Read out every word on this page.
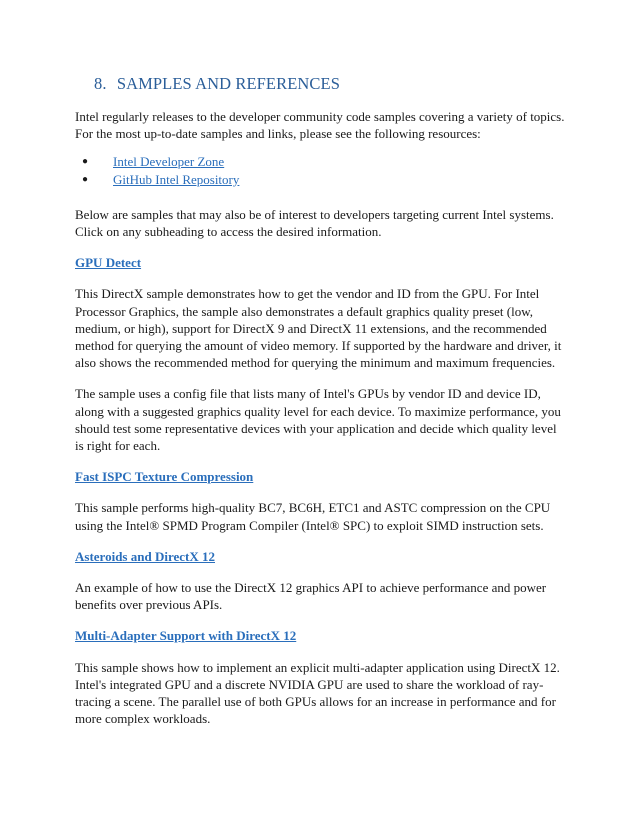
8. SAMPLES AND REFERENCES

Intel regularly releases to the developer community code samples covering a variety of topics. For the most up-to-date samples and links, please see the following resources:

● Intel Developer Zone
● GitHub Intel Repository

Below are samples that may also be of interest to developers targeting current Intel systems. Click on any subheading to access the desired information.

GPU Detect

This DirectX sample demonstrates how to get the vendor and ID from the GPU. For Intel Processor Graphics, the sample also demonstrates a default graphics quality preset (low, medium, or high), support for DirectX 9 and DirectX 11 extensions, and the recommended method for querying the amount of video memory. If supported by the hardware and driver, it also shows the recommended method for querying the minimum and maximum frequencies.

The sample uses a config file that lists many of Intel's GPUs by vendor ID and device ID, along with a suggested graphics quality level for each device. To maximize performance, you should test some representative devices with your application and decide which quality level is right for each.

Fast ISPC Texture Compression

This sample performs high-quality BC7, BC6H, ETC1 and ASTC compression on the CPU using the Intel® SPMD Program Compiler (Intel® SPC) to exploit SIMD instruction sets.

Asteroids and DirectX 12

An example of how to use the DirectX 12 graphics API to achieve performance and power benefits over previous APIs.

Multi-Adapter Support with DirectX 12

This sample shows how to implement an explicit multi-adapter application using DirectX 12. Intel's integrated GPU and a discrete NVIDIA GPU are used to share the workload of ray-tracing a scene. The parallel use of both GPUs allows for an increase in performance and for more complex workloads.
